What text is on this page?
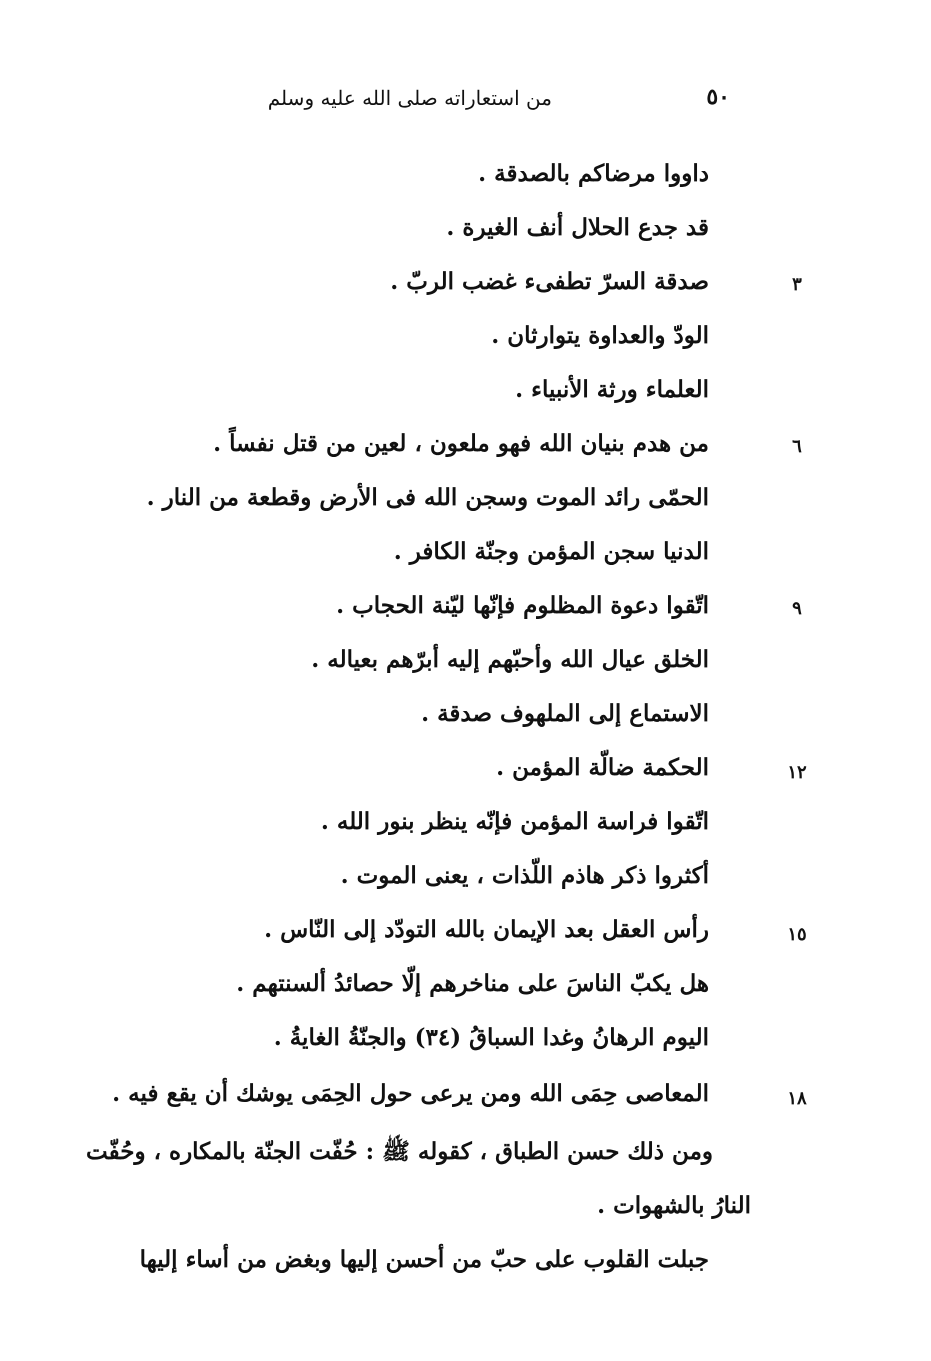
٥٠
من استعاراته صلى الله عليه وسلم
داووا مرضاكم بالصدقة .
قد جدع الحلال أنف الغيرة .
صدقة السرّ تطفىء غضب الربّ .
الودّ والعداوة يتوارثان .
العلماء ورثة الأنبياء .
من هدم بنيان الله فهو ملعون ، لعين من قتل نفساً .
الحمّى رائد الموت وسجن الله فى الأرض وقطعة من النار .
الدنيا سجن المؤمن وجنّة الكافر .
اتّقوا دعوة المظلوم فإنّها ليّنة الحجاب .
الخلق عيال الله وأحبّهم إليه أبرّهم بعياله .
الاستماع إلى الملهوف صدقة .
الحكمة ضالّة المؤمن .
اتّقوا فراسة المؤمن فإنّه ينظر بنور الله .
أكثروا ذكر هاذم اللّذات ، يعنى الموت .
رأس العقل بعد الإيمان بالله التودّد إلى النّاس .
هل يكبّ الناسَ على مناخرهم إلّا حصائدُ ألسنتهم .
اليوم الرهانُ وغدا السباقُ (٣٤) والجنّةُ الغايةُ .
المعاصى حِمَى الله ومن يرعى حول الحِمَى يوشك أن يقع فيه .
٣
٦
٩
١٢
١٥
١٨
ومن ذلك حسن الطباق ، كقوله ﷺ : حُفّت الجنّة بالمكاره ، وحُفّت
النارُ بالشهوات .
جبلت القلوب على حبّ من أحسن إليها وبغض من أساء إليها
